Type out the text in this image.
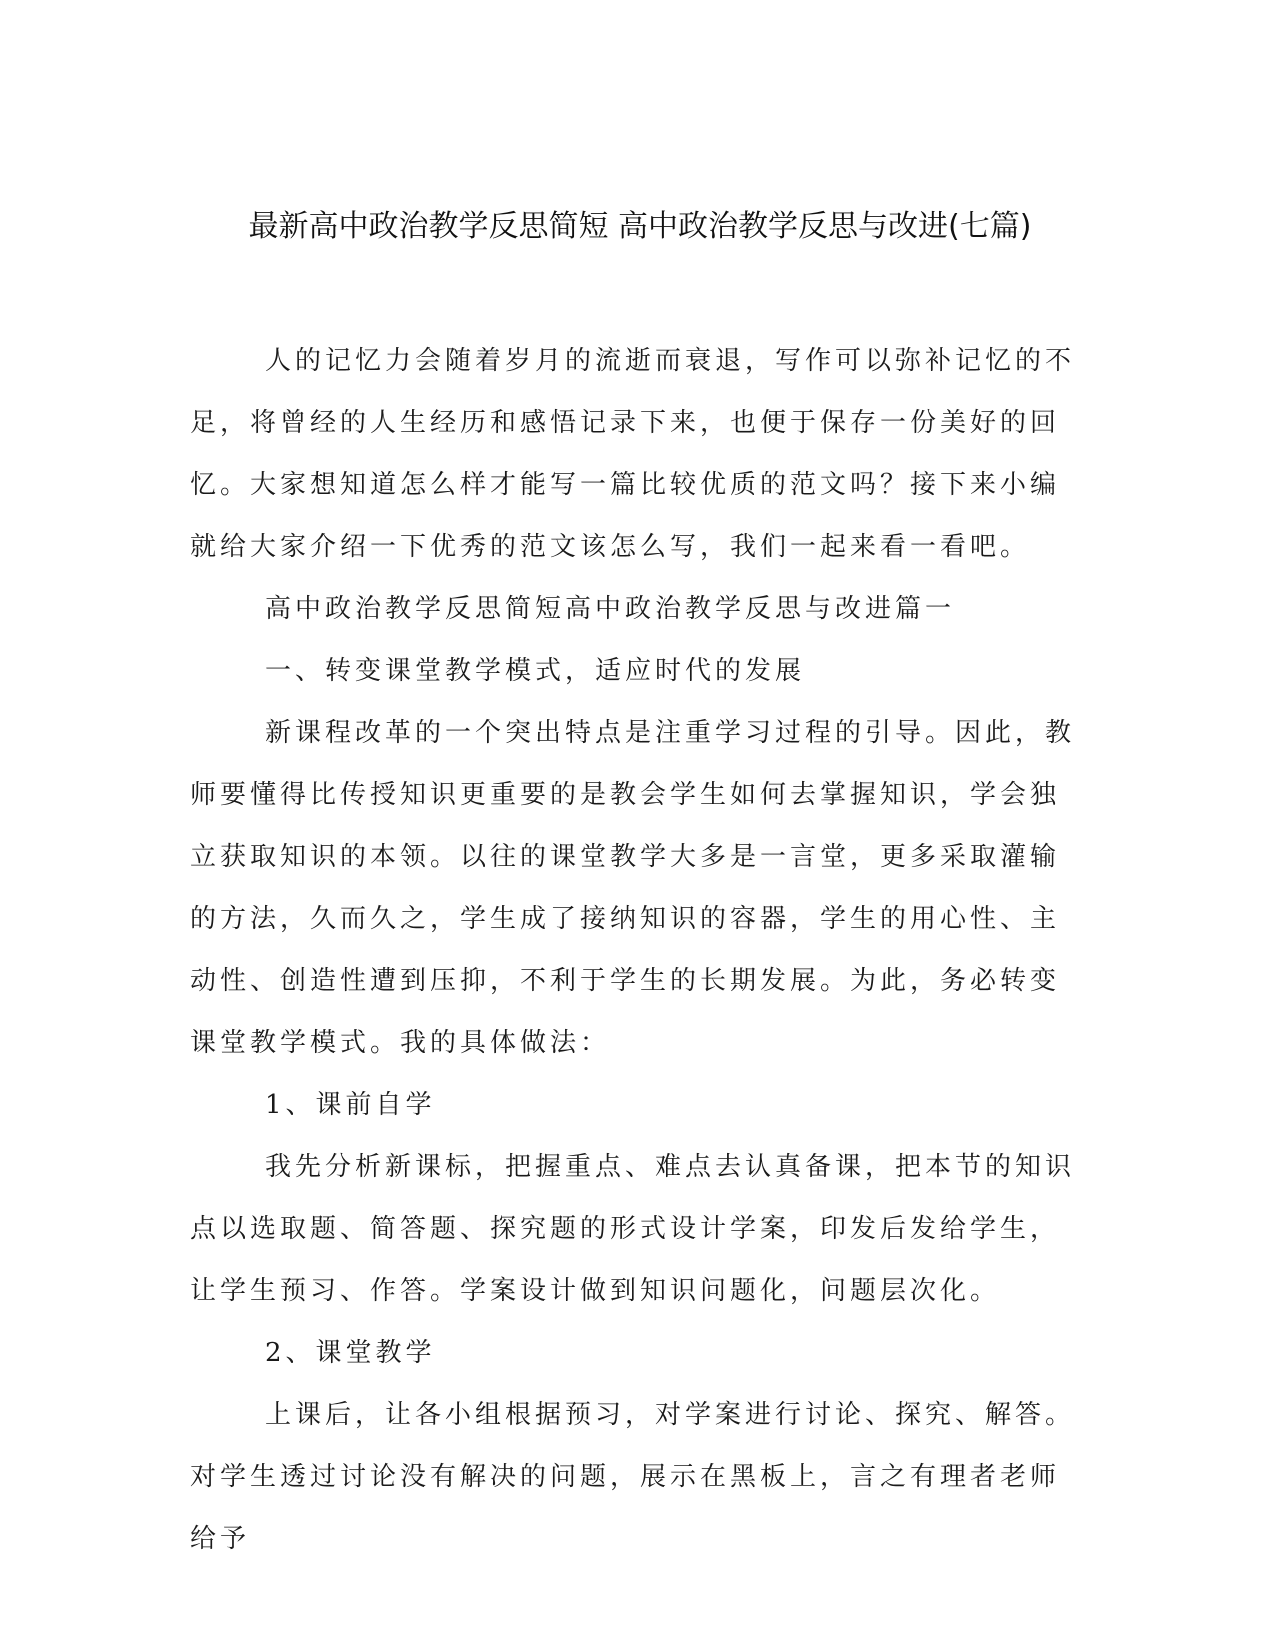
最新高中政治教学反思简短 高中政治教学反思与改进(七篇)

人的记忆力会随着岁月的流逝而衰退，写作可以弥补记忆的不足，将曾经的人生经历和感悟记录下来，也便于保存一份美好的回忆。大家想知道怎么样才能写一篇比较优质的范文吗？接下来小编就给大家介绍一下优秀的范文该怎么写，我们一起来看一看吧。

高中政治教学反思简短高中政治教学反思与改进篇一

一、转变课堂教学模式，适应时代的发展

新课程改革的一个突出特点是注重学习过程的引导。因此，教师要懂得比传授知识更重要的是教会学生如何去掌握知识，学会独立获取知识的本领。以往的课堂教学大多是一言堂，更多采取灌输的方法，久而久之，学生成了接纳知识的容器，学生的用心性、主动性、创造性遭到压抑，不利于学生的长期发展。为此，务必转变课堂教学模式。我的具体做法：

1、课前自学

我先分析新课标，把握重点、难点去认真备课，把本节的知识点以选取题、简答题、探究题的形式设计学案，印发后发给学生，让学生预习、作答。学案设计做到知识问题化，问题层次化。

2、课堂教学

上课后，让各小组根据预习，对学案进行讨论、探究、解答。对学生透过讨论没有解决的问题，展示在黑板上，言之有理者老师给予
